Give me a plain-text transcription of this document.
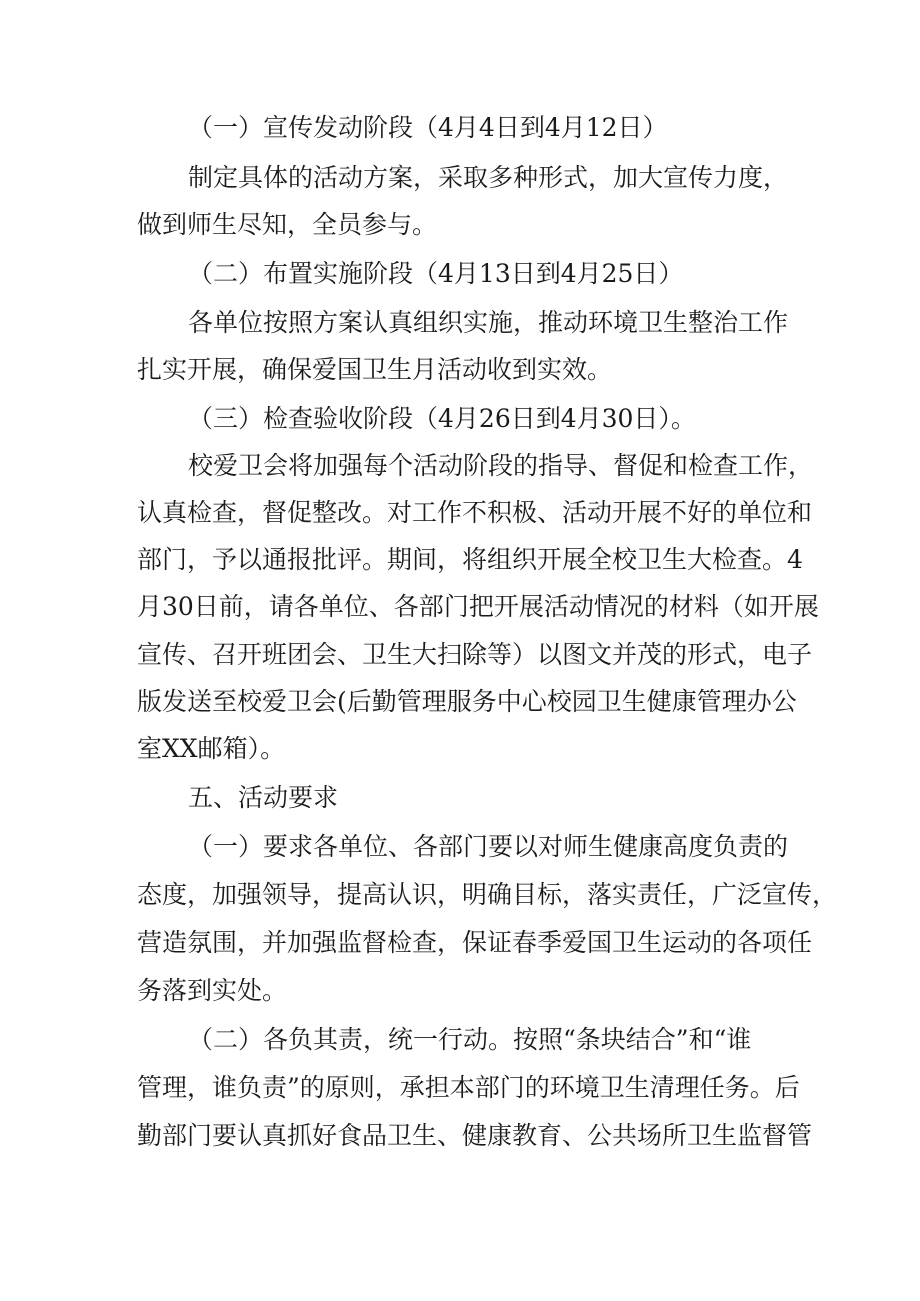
（一）宣传发动阶段（4月4日到4月12日）
制定具体的活动方案，采取多种形式，加大宣传力度，
做到师生尽知，全员参与。
（二）布置实施阶段（4月13日到4月25日）
各单位按照方案认真组织实施，推动环境卫生整治工作
扎实开展，确保爱国卫生月活动收到实效。
（三）检查验收阶段（4月26日到4月30日）。
校爱卫会将加强每个活动阶段的指导、督促和检查工作，
认真检查，督促整改。对工作不积极、活动开展不好的单位和
部门，予以通报批评。期间，将组织开展全校卫生大检查。4
月30日前，请各单位、各部门把开展活动情况的材料（如开展
宣传、召开班团会、卫生大扫除等）以图文并茂的形式，电子
版发送至校爱卫会(后勤管理服务中心校园卫生健康管理办公
室XX邮箱）。
五、活动要求
（一）要求各单位、各部门要以对师生健康高度负责的
态度，加强领导，提高认识，明确目标，落实责任，广泛宣传，
营造氛围，并加强监督检查，保证春季爱国卫生运动的各项任
务落到实处。
（二）各负其责，统一行动。按照“条块结合”和“谁
管理，谁负责”的原则，承担本部门的环境卫生清理任务。后
勤部门要认真抓好食品卫生、健康教育、公共场所卫生监督管
